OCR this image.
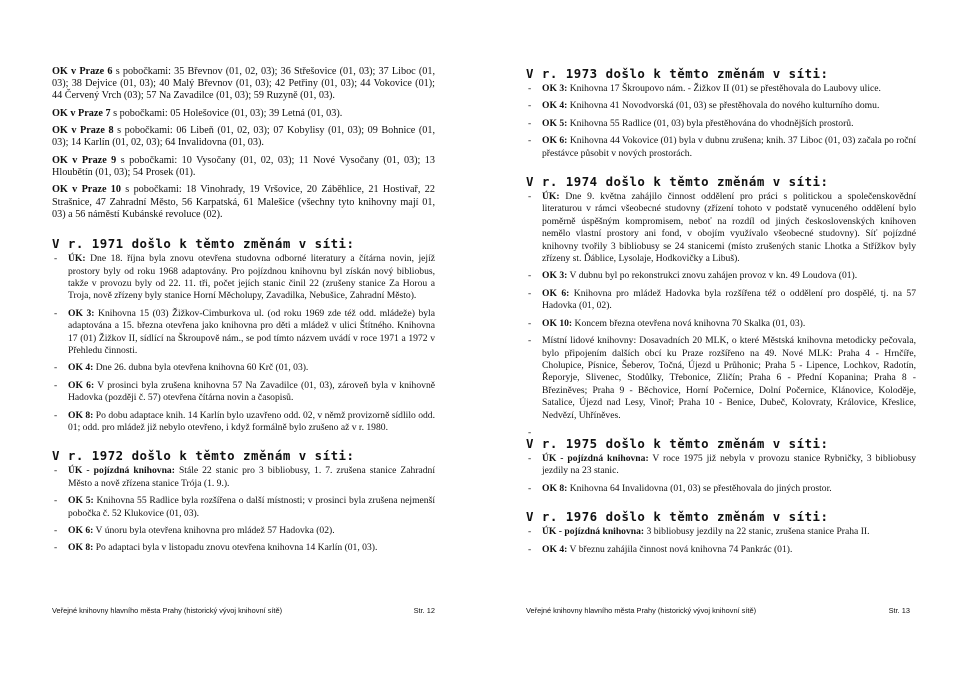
OK v Praze 6 s pobočkami: 35 Břevnov (01, 02, 03); 36 Střešovice (01, 03); 37 Liboc (01, 03); 38 Dejvice (01, 03); 40 Malý Břevnov (01, 03); 42 Petřiny (01, 03); 44 Vokovice (01); 44 Červený Vrch (03); 57 Na Zavadilce (01, 03); 59 Ruzyně (01, 03).

OK v Praze 7 s pobočkami: 05 Holešovice (01, 03); 39 Letná (01, 03).

OK v Praze 8 s pobočkami: 06 Libeň (01, 02, 03); 07 Kobylisy (01, 03); 09 Bohnice (01, 03); 14 Karlín (01, 02, 03); 64 Invalidovna (01, 03).

OK v Praze 9 s pobočkami: 10 Vysočany (01, 02, 03); 11 Nové Vysočany (01, 03); 13 Hloubětín (01, 03); 54 Prosek (01).

OK v Praze 10 s pobočkami: 18 Vinohrady, 19 Vršovice, 20 Záběhlice, 21 Hostivař, 22 Strašnice, 47 Zahradní Město, 56 Karpatská, 61 Malešice (všechny tyto knihovny mají 01, 03) a 56 náměstí Kubánské revoluce (02).

V r. 1971 došlo k těmto změnám v síti:
- ÚK: Dne 18. října byla znovu otevřena studovna odborné literatury a čítárna novin, jejíž prostory byly od roku 1968 adaptovány. Pro pojízdnou knihovnu byl získán nový bibliobus, takže v provozu byly od 22. 11. tři, počet jejích stanic činil 22 (zrušeny stanice Za Horou a Troja, nově zřízeny byly stanice Horní Měcholupy, Zavadilka, Nebušice, Zahradní Město).
- OK 3: Knihovna 15 (03) Žižkov-Cimburkova ul. (od roku 1969 zde též odd. mládeže) byla adaptována a 15. března otevřena jako knihovna pro děti a mládež v ulici Štítného. Knihovna 17 (01) Žižkov II, sídlící na Škroupově nám., se pod tímto názvem uvádí v roce 1971 a 1972 v Přehledu činnosti.
- OK 4: Dne 26. dubna byla otevřena knihovna 60 Krč (01, 03).
- OK 6: V prosinci byla zrušena knihovna 57 Na Zavadilce (01, 03), zároveň byla v knihovně Hadovka (později č. 57) otevřena čítárna novin a časopisů.
- OK 8: Po dobu adaptace knih. 14 Karlín bylo uzavřeno odd. 02, v němž provizorně sídlilo odd. 01; odd. pro mládež již nebylo otevřeno, i když formálně bylo zrušeno až v r. 1980.
V r. 1972 došlo k těmto změnám v síti:
- ÚK - pojízdná knihovna: Stále 22 stanic pro 3 bibliobusy, 1. 7. zrušena stanice Zahradní Město a nově zřízena stanice Trója (1. 9.).
- OK 5: Knihovna 55 Radlice byla rozšířena o další místnosti; v prosinci byla zrušena nejmenší pobočka č. 52 Klukovice (01, 03).
- OK 6: V únoru byla otevřena knihovna pro mládež 57 Hadovka (02).
- OK 8: Po adaptaci byla v listopadu znovu otevřena knihovna 14 Karlín (01, 03).
Veřejné knihovny hlavního města Prahy (historický vývoj knihovní sítě)	Str. 12
V r. 1973 došlo k těmto změnám v síti:
- OK 3: Knihovna 17 Škroupovo nám. - Žižkov II (01) se přestěhovala do Laubovy ulice.
- OK 4: Knihovna 41 Novodvorská (01, 03) se přestěhovala do nového kulturního domu.
- OK 5: Knihovna 55 Radlice (01, 03) byla přestěhována do vhodnějších prostorů.
- OK 6: Knihovna 44 Vokovice (01) byla v dubnu zrušena; knih. 37 Liboc (01, 03) začala po roční přestávce působit v nových prostorách.
V r. 1974 došlo k těmto změnám v síti:
- ÚK: Dne 9. května zahájilo činnost oddělení pro práci s politickou a společenskovědní literaturou v rámci všeobecné studovny (zřízení tohoto v podstatě vynuceného oddělení bylo poměrně úspěšným kompromisem, neboť na rozdíl od jiných československých knihoven nemělo vlastní prostory ani fond, v obojím využívalo všeobecné studovny). Síť pojízdné knihovny tvořily 3 bibliobusy se 24 stanicemi (místo zrušených stanic Lhotka a Střížkov byly zřízeny st. Ďáblice, Lysolaje, Hodkovičky a Libuš).
- OK 3: V dubnu byl po rekonstrukci znovu zahájen provoz v kn. 49 Loudova (01).
- OK 6: Knihovna pro mládež Hadovka byla rozšířena též o oddělení pro dospělé, tj. na 57 Hadovka (01, 02).
- OK 10: Koncem března otevřena nová knihovna 70 Skalka (01, 03).
- Místní lidové knihovny: Dosavadních 20 MLK, o které Městská knihovna metodicky pečovala, bylo připojením dalších obcí ku Praze rozšířeno na 49. Nové MLK: Praha 4 - Hrnčíře, Cholupice, Písnice, Šeberov, Točná, Újezd u Průhonic; Praha 5 - Lipence, Lochkov, Radotín, Řeporyje, Slivenec, Stodůlky, Třebonice, Zličín; Praha 6 - Přední Kopanina; Praha 8 - Březiněves; Praha 9 - Běchovice, Horní Počernice, Dolní Počernice, Klánovice, Koloděje, Satalice, Újezd nad Lesy, Vinoř; Praha 10 - Benice, Dubeč, Kolovraty, Královice, Křeslice, Nedvězí, Uhříněves.
V r. 1975 došlo k těmto změnám v síti:
- ÚK - pojízdná knihovna: V roce 1975 již nebyla v provozu stanice Rybničky, 3 bibliobusy jezdily na 23 stanic.
- OK 8: Knihovna 64 Invalidovna (01, 03) se přestěhovala do jiných prostor.
V r. 1976 došlo k těmto změnám v síti:
- ÚK - pojízdná knihovna: 3 bibliobusy jezdily na 22 stanic, zrušena stanice Praha II.
- OK 4: V březnu zahájila činnost nová knihovna 74 Pankrác (01).
Veřejné knihovny hlavního města Prahy (historický vývoj knihovní sítě)	Str. 13
